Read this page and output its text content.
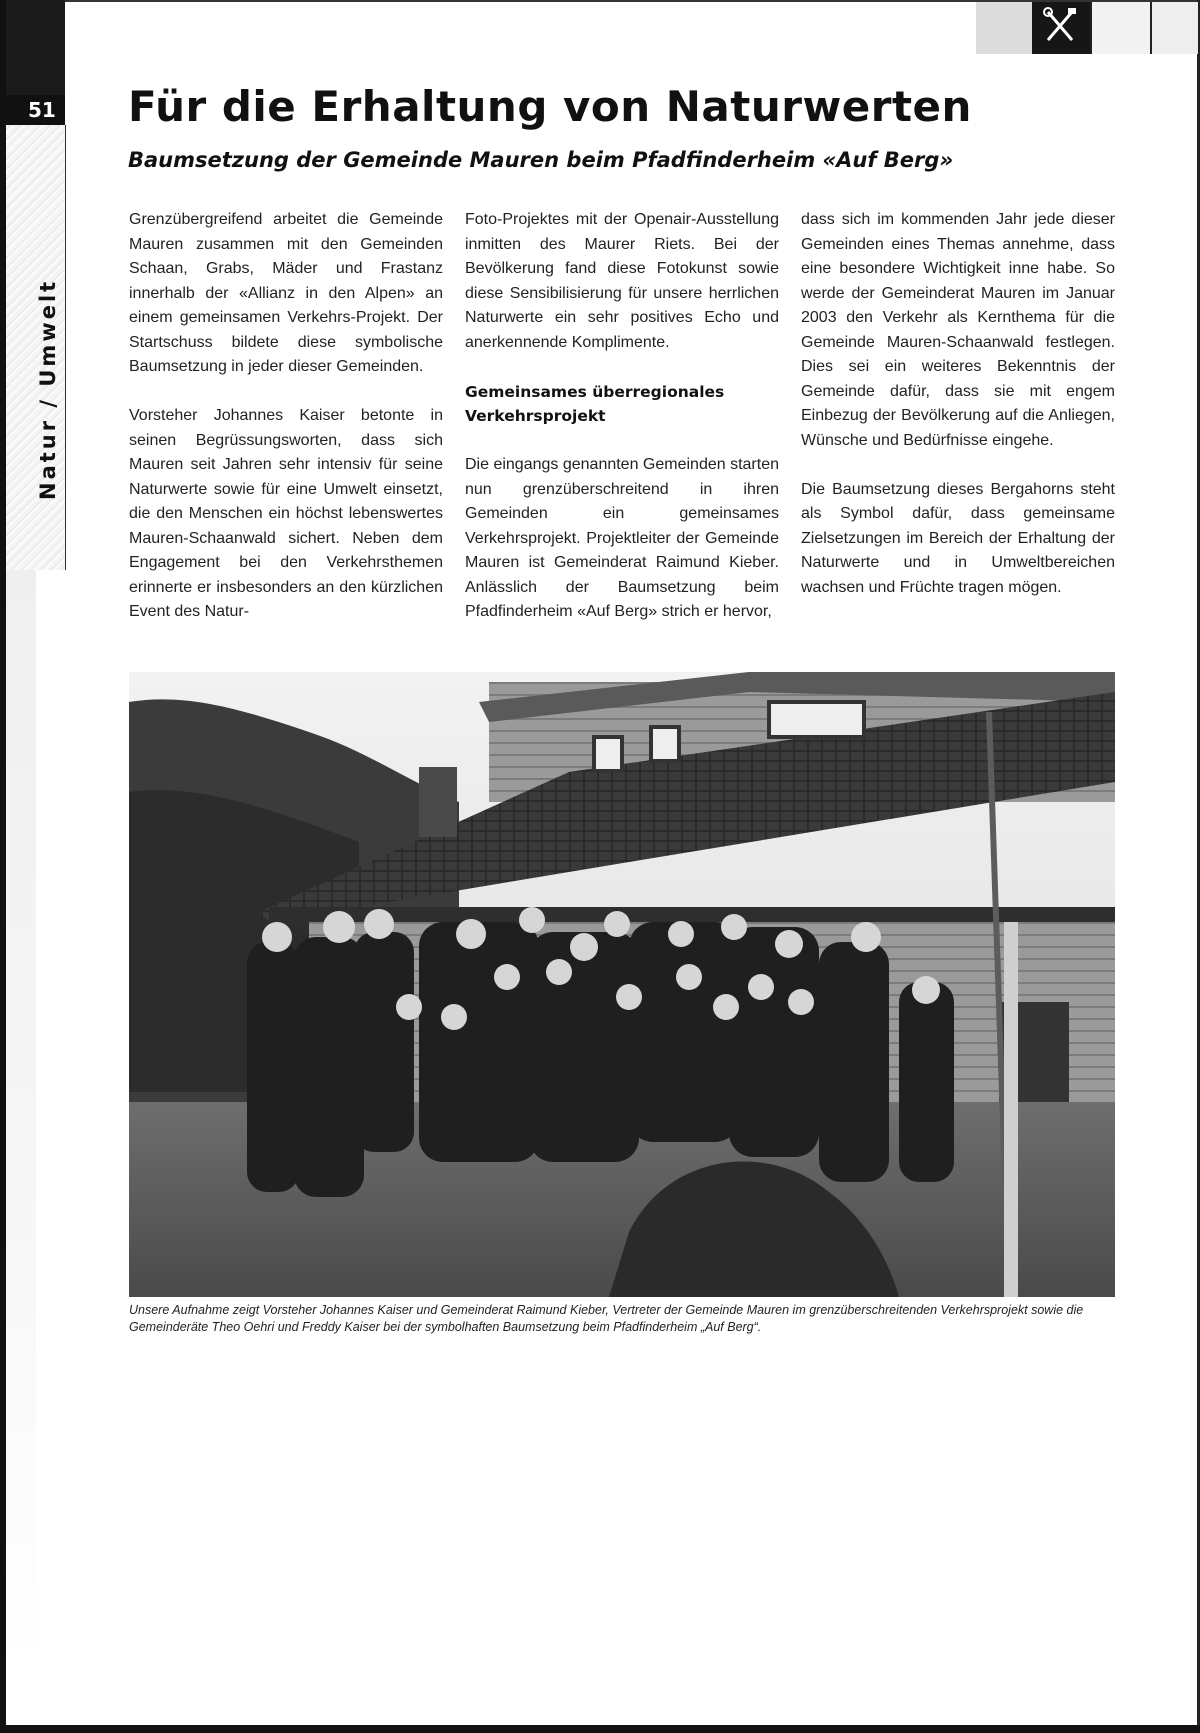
51
Natur / Umwelt
Für die Erhaltung von Naturwerten
Baumsetzung der Gemeinde Mauren beim Pfadfinderheim «Auf Berg»

Grenzübergreifend arbeitet die Gemeinde Mauren zusammen mit den Gemeinden Schaan, Grabs, Mäder und Frastanz innerhalb der «Allianz in den Alpen» an einem gemeinsamen Verkehrs-Projekt. Der Startschuss bildete diese symbolische Baumsetzung in jeder dieser Gemeinden.

Vorsteher Johannes Kaiser betonte in seinen Begrüssungsworten, dass sich Mauren seit Jahren sehr intensiv für seine Naturwerte sowie für eine Umwelt einsetzt, die den Menschen ein höchst lebenswertes Mauren-Schaanwald sichert. Neben dem Engagement bei den Verkehrsthemen erinnerte er insbesonders an den kürzlichen Event des Natur-

Foto-Projektes mit der Openair-Ausstellung inmitten des Maurer Riets. Bei der Bevölkerung fand diese Fotokunst sowie diese Sensibilisierung für unsere herrlichen Naturwerte ein sehr positives Echo und anerkennende Komplimente.

Gemeinsames überregionales Verkehrsprojekt

Die eingangs genannten Gemeinden starten nun grenzüberschreitend in ihren Gemeinden ein gemeinsames Verkehrsprojekt. Projektleiter der Gemeinde Mauren ist Gemeinderat Raimund Kieber. Anlässlich der Baumsetzung beim Pfadfinderheim «Auf Berg» strich er hervor,

dass sich im kommenden Jahr jede dieser Gemeinden eines Themas annehme, dass eine besondere Wichtigkeit inne habe. So werde der Gemeinderat Mauren im Januar 2003 den Verkehr als Kernthema für die Gemeinde Mauren-Schaanwald festlegen. Dies sei ein weiteres Bekenntnis der Gemeinde dafür, dass sie mit engem Einbezug der Bevölkerung auf die Anliegen, Wünsche und Bedürfnisse eingehe.

Die Baumsetzung dieses Bergahorns steht als Symbol dafür, dass gemeinsame Zielsetzungen im Bereich der Erhaltung der Naturwerte und in Umweltbereichen wachsen und Früchte tragen mögen.

Unsere Aufnahme zeigt Vorsteher Johannes Kaiser und Gemeinderat Raimund Kieber, Vertreter der Gemeinde Mauren im grenzüberschreitenden Verkehrsprojekt sowie die Gemeinderäte Theo Oehri und Freddy Kaiser bei der symbolhaften Baumsetzung beim Pfadfinderheim „Auf Berg“.
